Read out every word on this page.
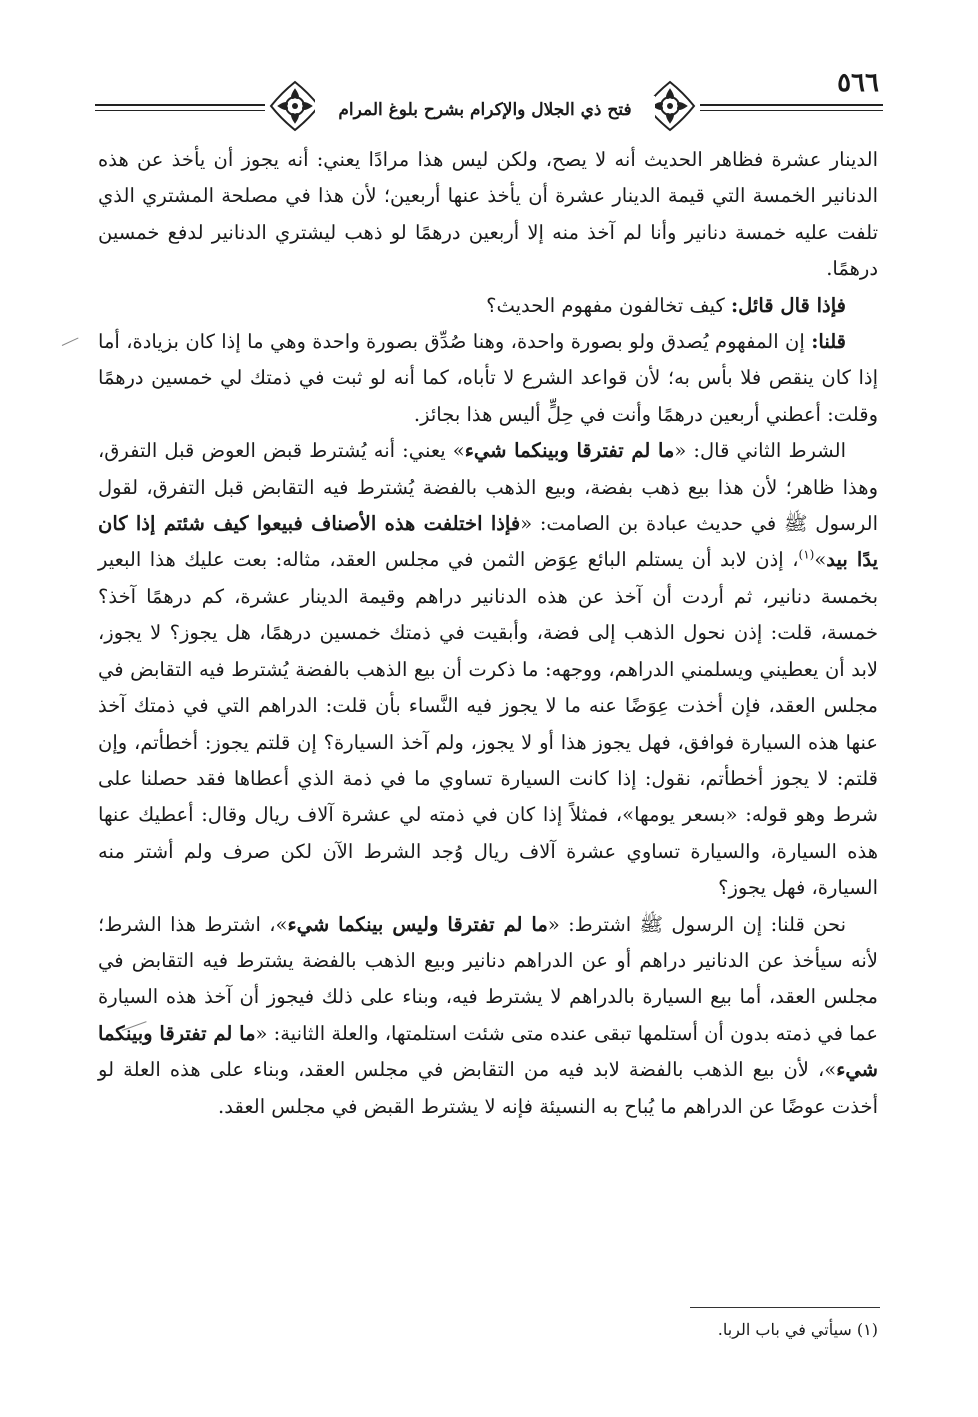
فتح ذي الجلال والإكرام بشرح بلوغ المرام
٥٦٦

الدينار عشرة فظاهر الحديث أنه لا يصح، ولكن ليس هذا مرادًا يعني: أنه يجوز أن يأخذ عن هذه الدنانير الخمسة التي قيمة الدينار عشرة أن يأخذ عنها أربعين؛ لأن هذا في مصلحة المشتري الذي تلفت عليه خمسة دنانير وأنا لم آخذ منه إلا أربعين درهمًا لو ذهب ليشتري الدنانير لدفع خمسين درهمًا.

فإذا قال قائل: كيف تخالفون مفهوم الحديث؟

قلنا: إن المفهوم يُصدق ولو بصورة واحدة، وهنا صُدِّق بصورة واحدة وهي ما إذا كان بزيادة، أما إذا كان ينقص فلا بأس به؛ لأن قواعد الشرع لا تأباه، كما أنه لو ثبت في ذمتك لي خمسين درهمًا وقلت: أعطني أربعين درهمًا وأنت في حِلٍّ أليس هذا بجائز.

الشرط الثاني قال: «ما لم تفترقا وبينكما شيء» يعني: أنه يُشترط قبض العوض قبل التفرق، وهذا ظاهر؛ لأن هذا بيع ذهب بفضة، وبيع الذهب بالفضة يُشترط فيه التقابض قبل التفرق، لقول الرسول ﷺ في حديث عبادة بن الصامت: «فإذا اختلفت هذه الأصناف فبيعوا كيف شئتم إذا كان يدًا بيد»$^{(١)}$، إذن لابد أن يستلم البائع عِوَض الثمن في مجلس العقد، مثاله: بعت عليك هذا البعير بخمسة دنانير، ثم أردت أن آخذ عن هذه الدنانير دراهم وقيمة الدينار عشرة، كم درهمًا آخذ؟ خمسة، قلت: إذن نحول الذهب إلى فضة، وأبقيت في ذمتك خمسين درهمًا، هل يجوز؟ لا يجوز، لابد أن يعطيني ويسلمني الدراهم، ووجهه: ما ذكرت أن بيع الذهب بالفضة يُشترط فيه التقابض في مجلس العقد، فإن أخذت عِوَضًا عنه ما لا يجوز فيه النَّساء بأن قلت: الدراهم التي في ذمتك آخذ عنها هذه السيارة فوافق، فهل يجوز هذا أو لا يجوز، ولم آخذ السيارة؟ إن قلتم يجوز: أخطأتم، وإن قلتم: لا يجوز أخطأتم، نقول: إذا كانت السيارة تساوي ما في ذمة الذي أعطاها فقد حصلنا على شرط وهو قوله: «بسعر يومها»، فمثلاً إذا كان في ذمته لي عشرة آلاف ريال وقال: أعطيك عنها هذه السيارة، والسيارة تساوي عشرة آلاف ريال وُجد الشرط الآن لكن صرف ولم أشتر منه السيارة، فهل يجوز؟

نحن قلنا: إن الرسول ﷺ اشترط: «ما لم تفترقا وليس بينكما شيء»، اشترط هذا الشرط؛ لأنه سيأخذ عن الدنانير دراهم أو عن الدراهم دنانير وبيع الذهب بالفضة يشترط فيه التقابض في مجلس العقد، أما بيع السيارة بالدراهم لا يشترط فيه، وبناء على ذلك فيجوز أن آخذ هذه السيارة عما في ذمته بدون أن أستلمها تبقى عنده متى شئت استلمتها، والعلة الثانية: «ما لم تفترقا وبينكما شيء»، لأن بيع الذهب بالفضة لابد فيه من التقابض في مجلس العقد، وبناء على هذه العلة لو أخذت عوضًا عن الدراهم ما يُباح به النسيئة فإنه لا يشترط القبض في مجلس العقد.

(١) سيأتي في باب الربا.
